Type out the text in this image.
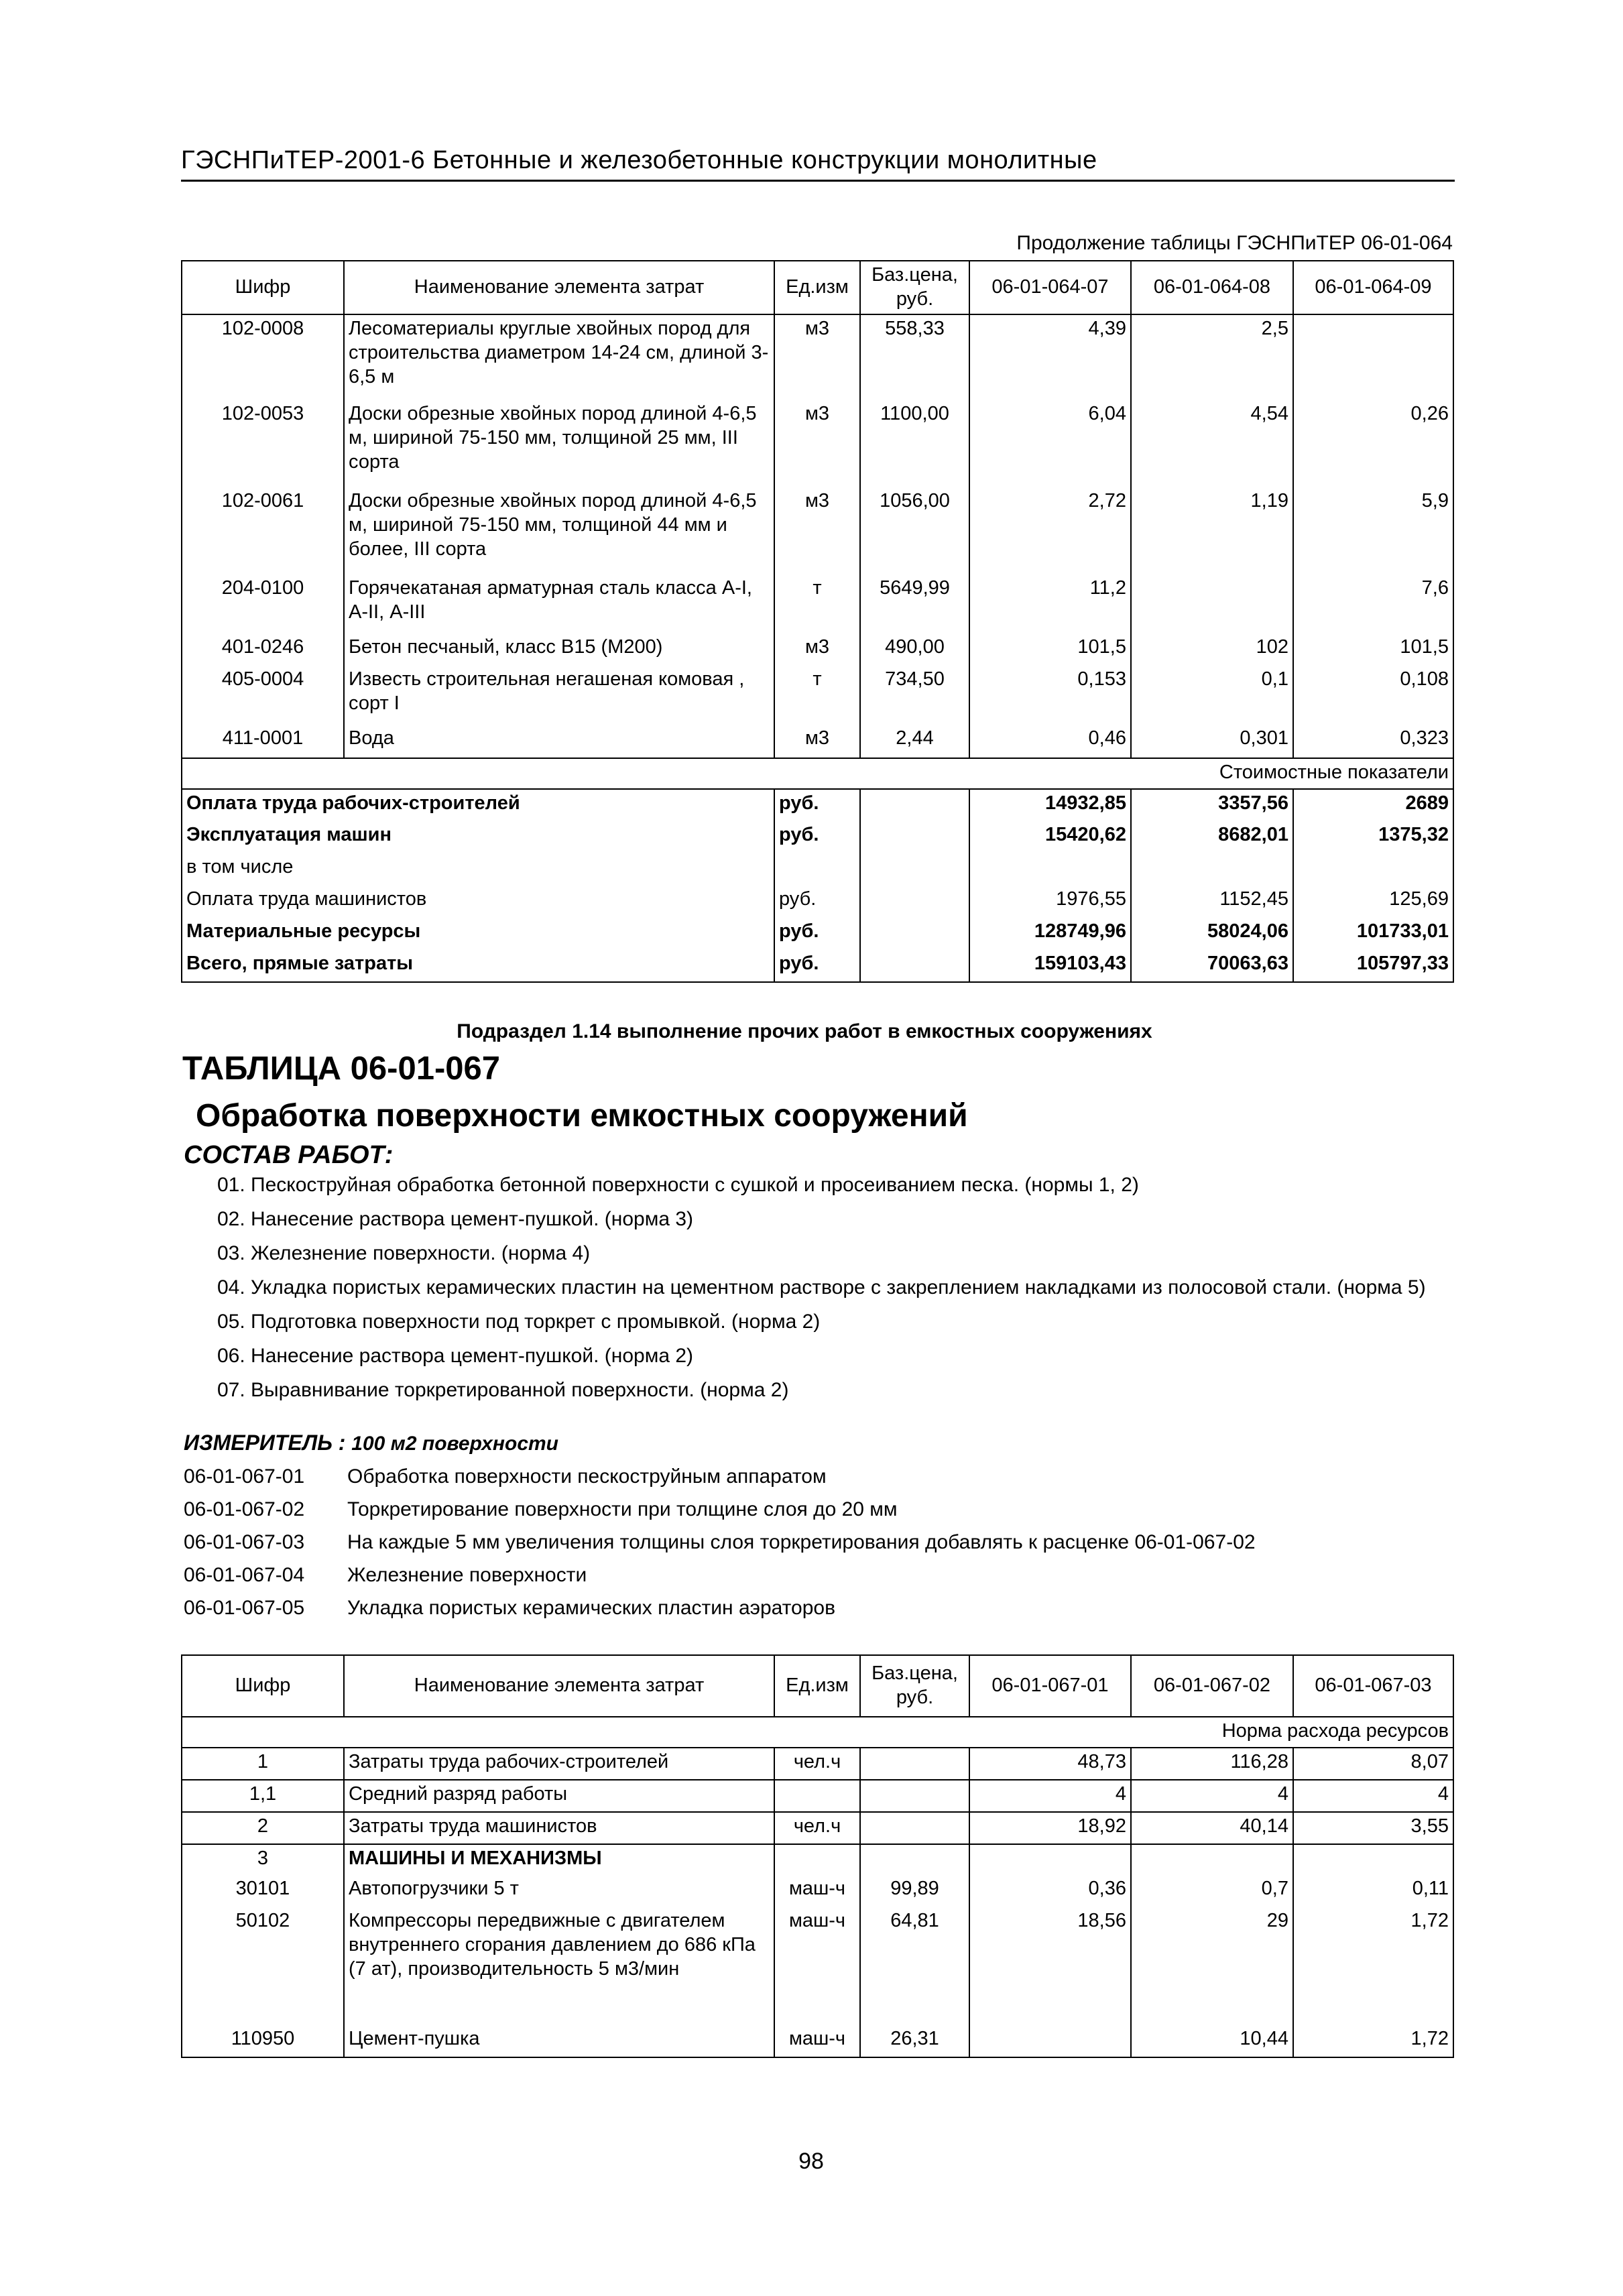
ГЭСНПиТЕР-2001-6 Бетонные и железобетонные конструкции монолитные
Продолжение таблицы ГЭСНПиТЕР 06-01-064
Шифр	Наименование элемента затрат	Ед.изм	Баз.цена, руб.	06-01-064-07	06-01-064-08	06-01-064-09
102-0008	Лесоматериалы круглые хвойных пород для строительства диаметром 14-24 см, длиной 3-6,5 м	м3	558,33	4,39	2,5	
102-0053	Доски обрезные хвойных пород длиной 4-6,5 м, шириной 75-150 мм, толщиной 25 мм, III сорта	м3	1100,00	6,04	4,54	0,26
102-0061	Доски обрезные хвойных пород длиной 4-6,5 м, шириной 75-150 мм, толщиной 44 мм и более, III сорта	м3	1056,00	2,72	1,19	5,9
204-0100	Горячекатаная арматурная сталь класса А-I, А-II, А-III	т	5649,99	11,2		7,6
401-0246	Бетон песчаный, класс В15 (М200)	м3	490,00	101,5	102	101,5
405-0004	Известь строительная негашеная комовая , сорт I	т	734,50	0,153	0,1	0,108
411-0001	Вода	м3	2,44	0,46	0,301	0,323
Стоимостные показатели						
Оплата труда рабочих-строителей		руб.		14932,85	3357,56	2689
Эксплуатация машин		руб.		15420,62	8682,01	1375,32
в том числе						
Оплата труда машинистов		руб.		1976,55	1152,45	125,69
Материальные ресурсы		руб.		128749,96	58024,06	101733,01
Всего, прямые затраты		руб.		159103,43	70063,63	105797,33
Подраздел 1.14 выполнение прочих работ в емкостных сооружениях
ТАБЛИЦА 06-01-067
Обработка поверхности емкостных сооружений
СОСТАВ РАБОТ:
01. Пескоструйная обработка бетонной поверхности с сушкой и просеиванием песка. (нормы 1, 2)
02. Нанесение раствора цемент-пушкой. (норма 3)
03. Железнение поверхности. (норма 4)
04. Укладка пористых керамических пластин на цементном растворе с закреплением накладками из полосовой стали. (норма 5)
05. Подготовка поверхности под торкрет с промывкой. (норма 2)
06. Нанесение раствора цемент-пушкой. (норма 2)
07. Выравнивание торкретированной поверхности. (норма 2)
ИЗМЕРИТЕЛЬ : 100 м2 поверхности
06-01-067-01	Обработка поверхности пескоструйным аппаратом
06-01-067-02	Торкретирование поверхности при толщине слоя до 20 мм
06-01-067-03	На каждые 5 мм увеличения толщины слоя торкретирования добавлять к расценке 06-01-067-02
06-01-067-04	Железнение поверхности
06-01-067-05	Укладка пористых керамических пластин аэраторов
Шифр	Наименование элемента затрат	Ед.изм	Баз.цена, руб.	06-01-067-01	06-01-067-02	06-01-067-03
Норма расхода ресурсов						
1	Затраты труда рабочих-строителей	чел.ч		48,73	116,28	8,07
1,1	Средний разряд работы			4	4	4
2	Затраты труда машинистов	чел.ч		18,92	40,14	3,55
3	МАШИНЫ И МЕХАНИЗМЫ					
30101	Автопогрузчики 5 т	маш-ч	99,89	0,36	0,7	0,11
50102	Компрессоры передвижные с двигателем внутреннего сгорания давлением до 686 кПа (7 ат), производительность 5 м3/мин	маш-ч	64,81	18,56	29	1,72
110950	Цемент-пушка	маш-ч	26,31		10,44	1,72
98
